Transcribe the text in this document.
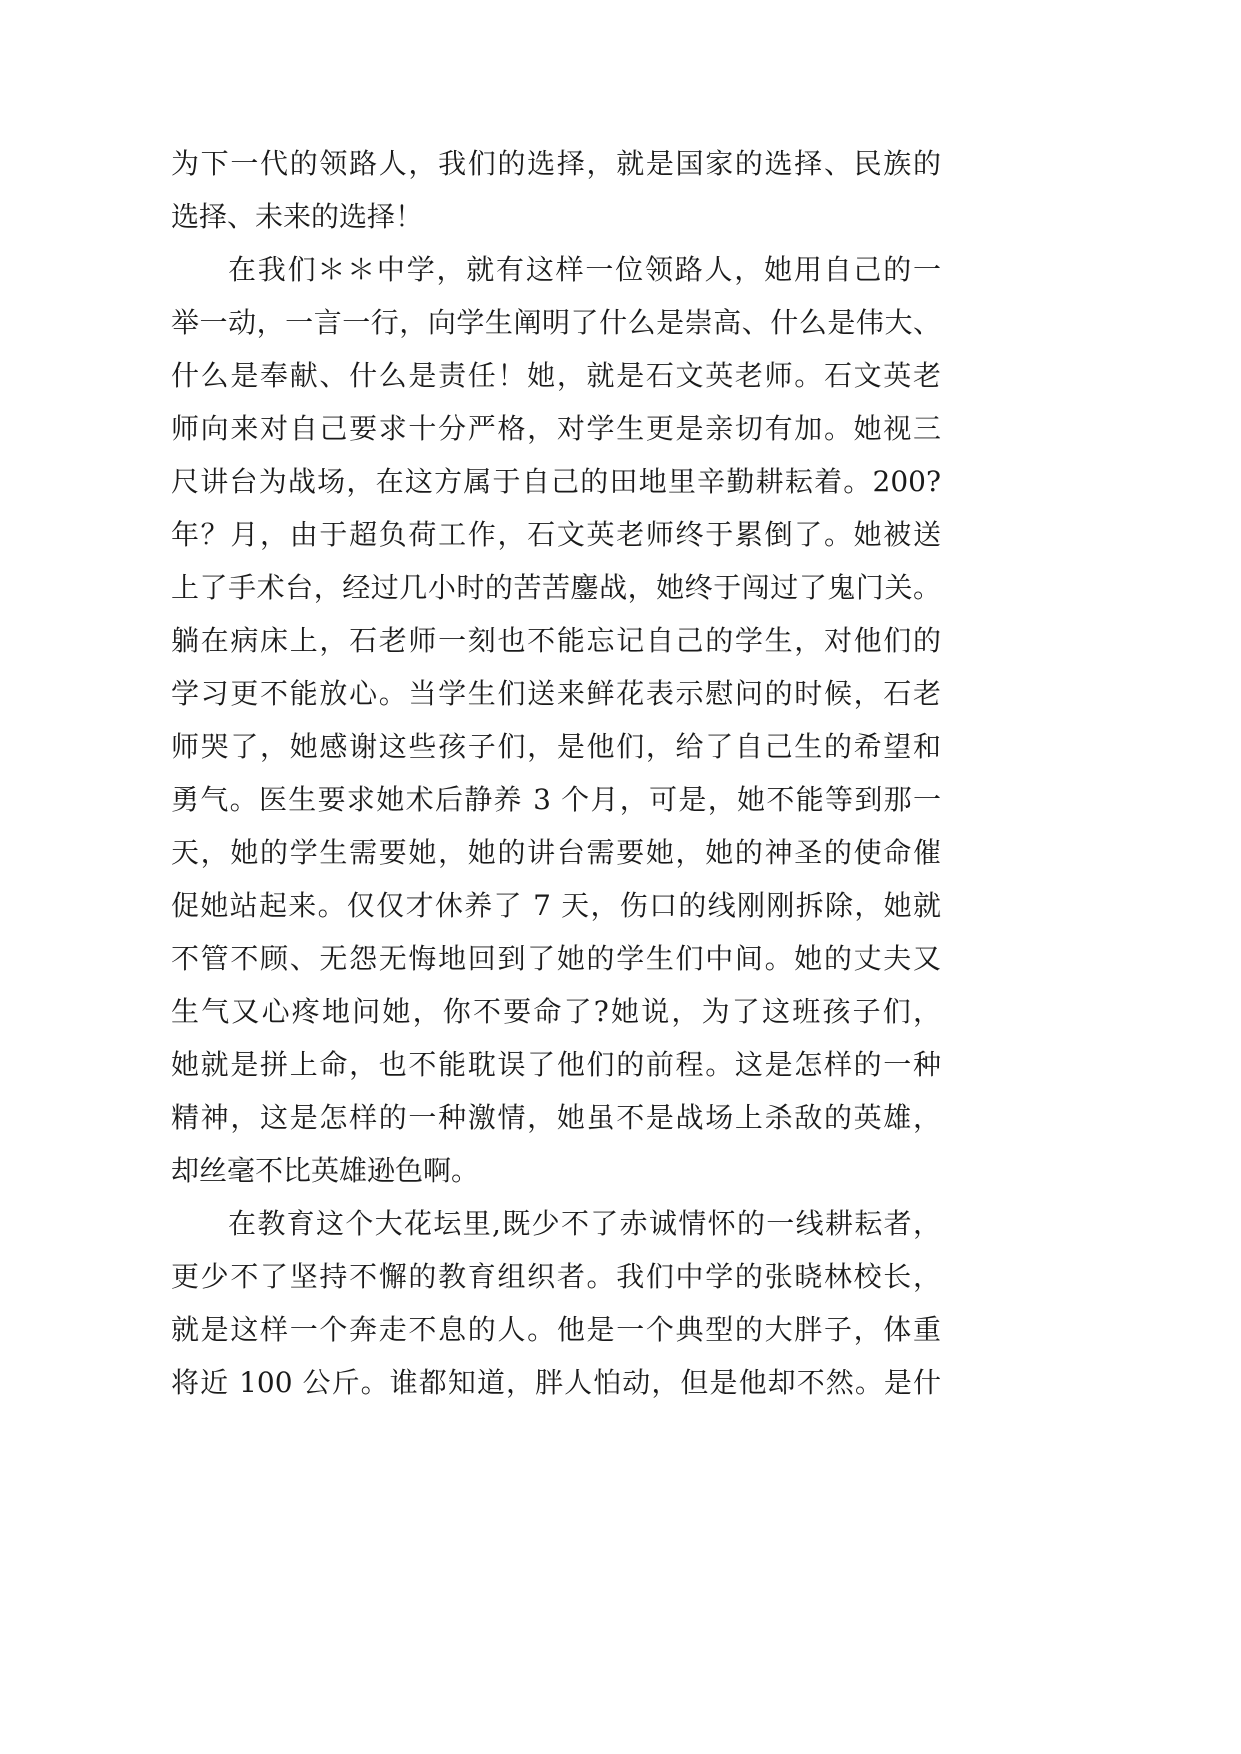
为下一代的领路人，我们的选择，就是国家的选择、民族的
选择、未来的选择！
在我们＊＊中学，就有这样一位领路人，她用自己的一
举一动，一言一行，向学生阐明了什么是崇高、什么是伟大、
什么是奉献、什么是责任！她，就是石文英老师。石文英老
师向来对自己要求十分严格，对学生更是亲切有加。她视三
尺讲台为战场，在这方属于自己的田地里辛勤耕耘着。200?
年？月，由于超负荷工作，石文英老师终于累倒了。她被送
上了手术台，经过几小时的苦苦鏖战，她终于闯过了鬼门关。
躺在病床上，石老师一刻也不能忘记自己的学生，对他们的
学习更不能放心。当学生们送来鲜花表示慰问的时候，石老
师哭了，她感谢这些孩子们，是他们，给了自己生的希望和
勇气。医生要求她术后静养 3 个月，可是，她不能等到那一
天，她的学生需要她，她的讲台需要她，她的神圣的使命催
促她站起来。仅仅才休养了 7 天，伤口的线刚刚拆除，她就
不管不顾、无怨无悔地回到了她的学生们中间。她的丈夫又
生气又心疼地问她，你不要命了?她说，为了这班孩子们，
她就是拼上命，也不能耽误了他们的前程。这是怎样的一种
精神，这是怎样的一种激情，她虽不是战场上杀敌的英雄，
却丝毫不比英雄逊色啊。
在教育这个大花坛里,既少不了赤诚情怀的一线耕耘者，
更少不了坚持不懈的教育组织者。我们中学的张晓林校长，
就是这样一个奔走不息的人。他是一个典型的大胖子，体重
将近 100 公斤。谁都知道，胖人怕动，但是他却不然。是什
